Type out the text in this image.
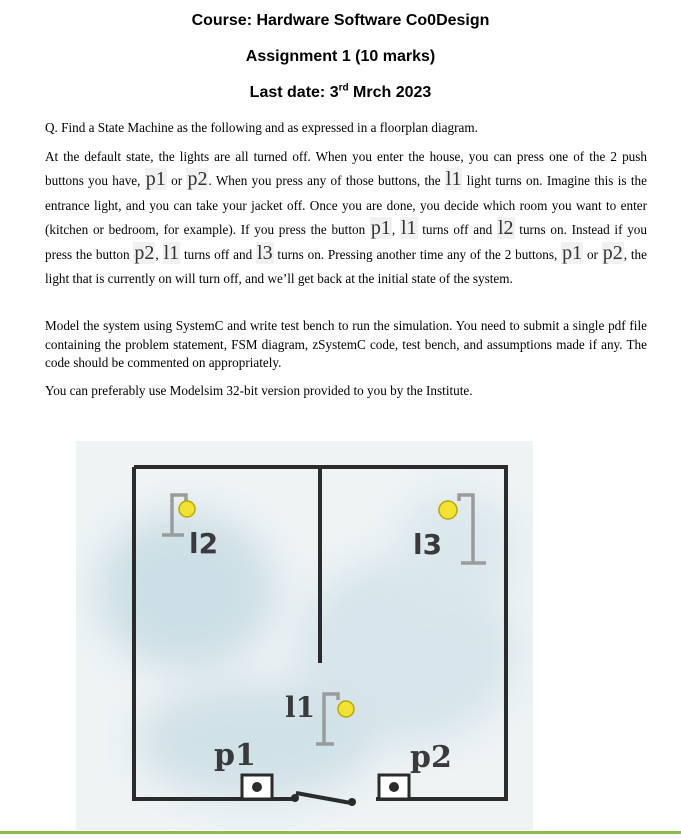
Course: Hardware Software Co0Design
Assignment 1 (10 marks)
Last date: 3rd Mrch 2023

Q. Find a State Machine as the following and as expressed in a floorplan diagram.

At the default state, the lights are all turned off. When you enter the house, you can press one of the 2 push buttons you have, p1 or p2. When you press any of those buttons, the l1 light turns on. Imagine this is the entrance light, and you can take your jacket off. Once you are done, you decide which room you want to enter (kitchen or bedroom, for example). If you press the button p1, l1 turns off and l2 turns on. Instead if you press the button p2, l1 turns off and l3 turns on. Pressing another time any of the 2 buttons, p1 or p2, the light that is currently on will turn off, and we’ll get back at the initial state of the system.

Model the system using SystemC and write test bench to run the simulation. You need to submit a single pdf file containing the problem statement, FSM diagram, zSystemC code, test bench, and assumptions made if any. The code should be commented on appropriately.

You can preferably use Modelsim 32-bit version provided to you by the Institute.

l2	l3
l1
p1	p2
